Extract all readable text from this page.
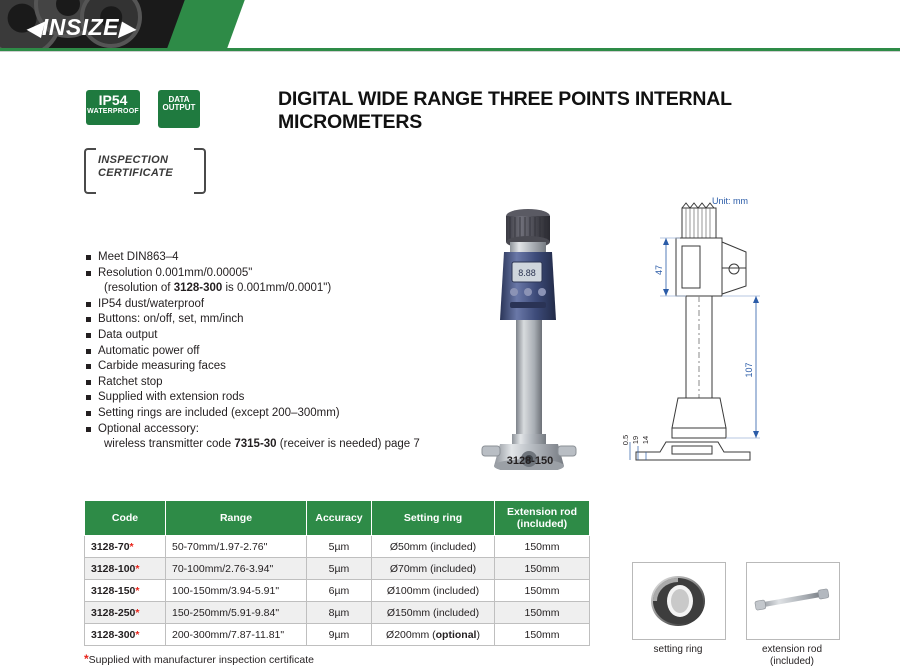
◀INSIZE▶
IP54
WATERPROOF
DATA
OUTPUT
INSPECTION
CERTIFICATE
DIGITAL WIDE RANGE THREE POINTS INTERNAL MICROMETERS
Meet DIN863–4
Resolution 0.001mm/0.00005"
(resolution of 3128-300 is 0.001mm/0.0001")
IP54 dust/waterproof
Buttons: on/off, set, mm/inch
Data output
Automatic power off
Carbide measuring faces
Ratchet stop
Supplied with extension rods
Setting rings are included (except 200–300mm)
Optional accessory:
wireless transmitter code 7315-30 (receiver is needed) page 7
8.88
3128-150
Unit: mm
47
107
0.5 19 14
Code	Range	Accuracy	Setting ring	Extension rod
(included)
3128-70*	50-70mm/1.97-2.76"	5µm	Ø50mm (included)	150mm
3128-100*	70-100mm/2.76-3.94"	5µm	Ø70mm (included)	150mm
3128-150*	100-150mm/3.94-5.91"	6µm	Ø100mm (included)	150mm
3128-250*	150-250mm/5.91-9.84"	8µm	Ø150mm (included)	150mm
3128-300*	200-300mm/7.87-11.81"	9µm	Ø200mm (optional)	150mm
*Supplied with manufacturer inspection certificate
setting ring	extension rod
(included)
